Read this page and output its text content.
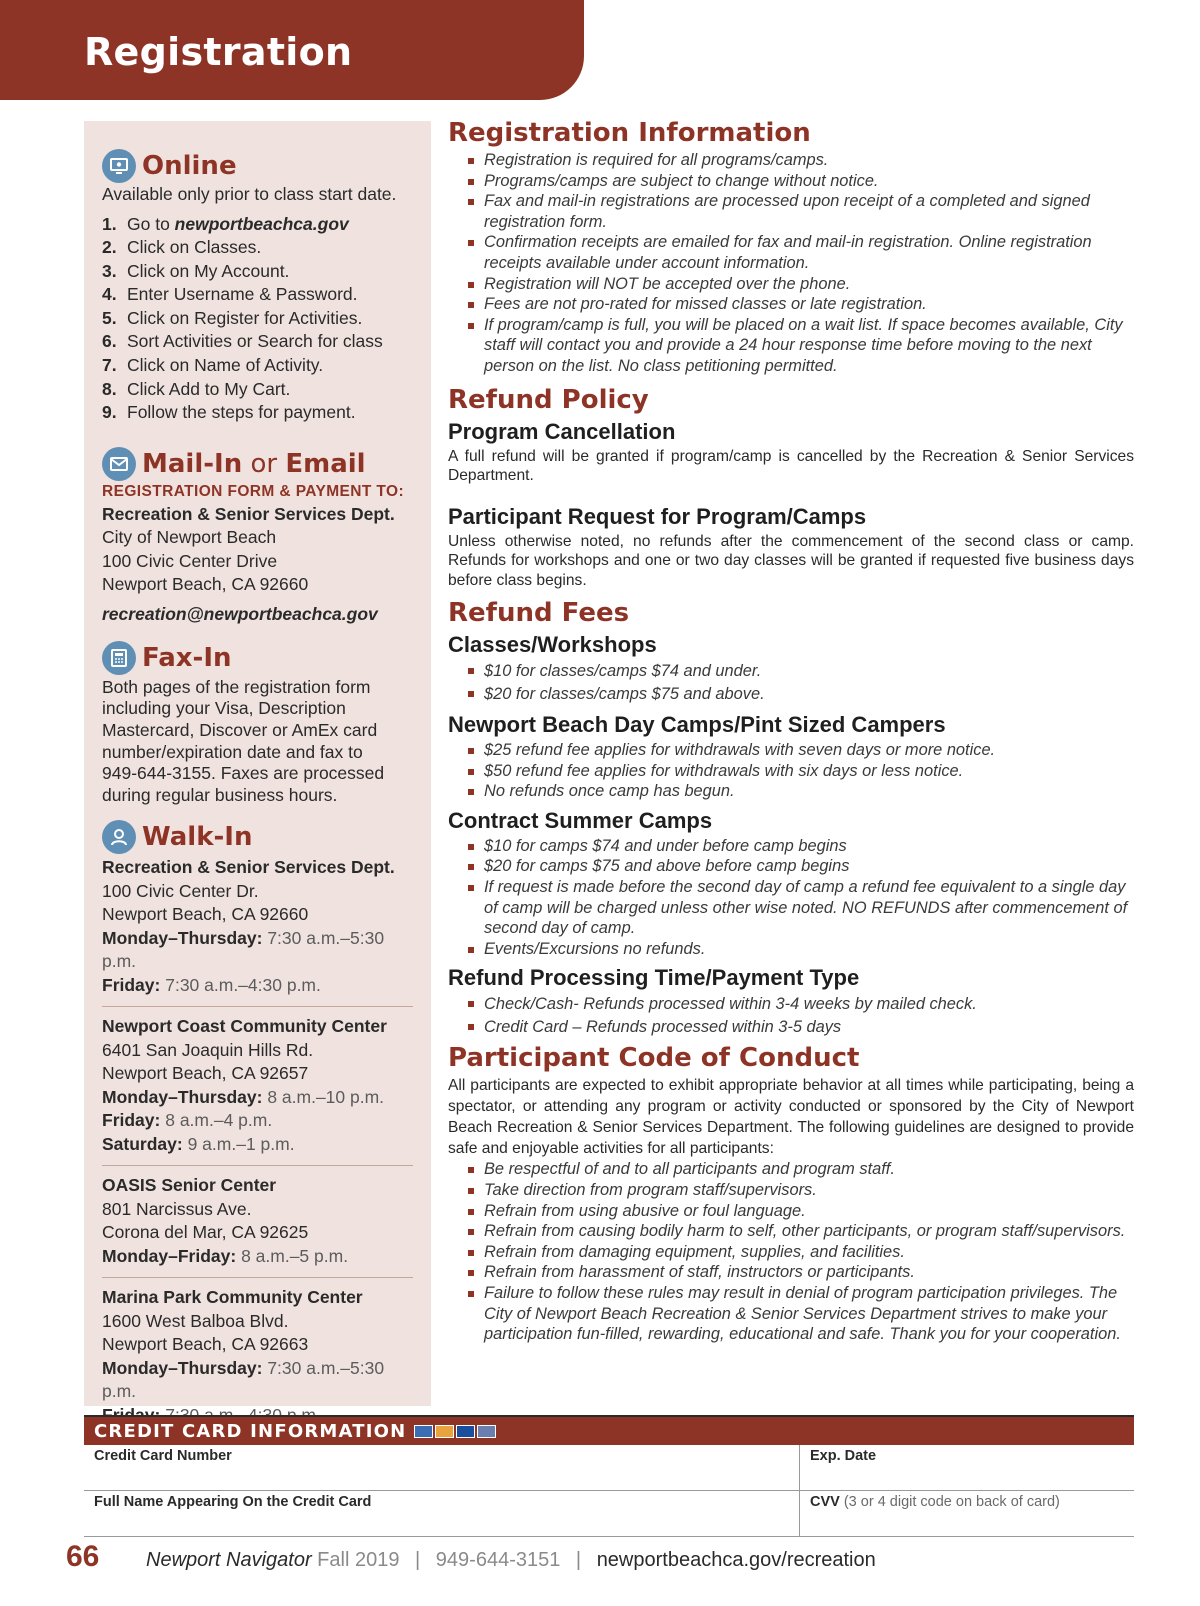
Registration
Online
Available only prior to class start date.
1. Go to newportbeachca.gov
2. Click on Classes.
3. Click on My Account.
4. Enter Username & Password.
5. Click on Register for Activities.
6. Sort Activities or Search for class
7. Click on Name of Activity.
8. Click Add to My Cart.
9. Follow the steps for payment.
Mail-In or Email
REGISTRATION FORM & PAYMENT TO:
Recreation & Senior Services Dept.
City of Newport Beach
100 Civic Center Drive
Newport Beach, CA 92660
recreation@newportbeachca.gov
Fax-In
Both pages of the registration form including your Visa, Description Mastercard, Discover or AmEx card number/expiration date and fax to 949-644-3155. Faxes are processed during regular business hours.
Walk-In
Recreation & Senior Services Dept.
100 Civic Center Dr.
Newport Beach, CA 92660
Monday–Thursday: 7:30 a.m.–5:30 p.m.
Friday: 7:30 a.m.–4:30 p.m.
Newport Coast Community Center
6401 San Joaquin Hills Rd.
Newport Beach, CA 92657
Monday–Thursday: 8 a.m.–10 p.m.
Friday: 8 a.m.–4 p.m.
Saturday: 9 a.m.–1 p.m.
OASIS Senior Center
801 Narcissus Ave.
Corona del Mar, CA 92625
Monday–Friday: 8 a.m.–5 p.m.
Marina Park Community Center
1600 West Balboa Blvd.
Newport Beach, CA 92663
Monday–Thursday: 7:30 a.m.–5:30 p.m.
Registration Information
Registration is required for all programs/camps.
Programs/camps are subject to change without notice.
Fax and mail-in registrations are processed upon receipt of a completed and signed registration form.
Confirmation receipts are emailed for fax and mail-in registration. Online registration receipts available under account information.
Registration will NOT be accepted over the phone.
Fees are not pro-rated for missed classes or late registration.
If program/camp is full, you will be placed on a wait list. If space becomes available, City staff will contact you and provide a 24 hour response time before moving to the next person on the list. No class petitioning permitted.
Refund Policy
Program Cancellation
A full refund will be granted if program/camp is cancelled by the Recreation & Senior Services Department.
Participant Request for Program/Camps
Unless otherwise noted, no refunds after the commencement of the second class or camp. Refunds for workshops and one or two day classes will be granted if requested five business days before class begins.
Refund Fees
Classes/Workshops
$10 for classes/camps $74 and under.
$20 for classes/camps $75 and above.
Newport Beach Day Camps/Pint Sized Campers
$25 refund fee applies for withdrawals with seven days or more notice.
$50 refund fee applies for withdrawals with six days or less notice.
No refunds once camp has begun.
Contract Summer Camps
$10 for camps $74 and under before camp begins
$20 for camps $75 and above before camp begins
If request is made before the second day of camp a refund fee equivalent to a single day of camp will be charged unless other wise noted. NO REFUNDS after commencement of second day of camp.
Events/Excursions no refunds.
Refund Processing Time/Payment Type
Check/Cash- Refunds processed within 3-4 weeks by mailed check.
Credit Card – Refunds processed within 3-5 days
Participant Code of Conduct
All participants are expected to exhibit appropriate behavior at all times while participating, being a spectator, or attending any program or activity conducted or sponsored by the City of Newport Beach Recreation & Senior Services Department. The following guidelines are designed to provide safe and enjoyable activities for all participants:
Be respectful of and to all participants and program staff.
Take direction from program staff/supervisors.
Refrain from using abusive or foul language.
Refrain from causing bodily harm to self, other participants, or program staff/supervisors.
Refrain from damaging equipment, supplies, and facilities.
Refrain from harassment of staff, instructors or participants.
Failure to follow these rules may result in denial of program participation privileges. The City of Newport Beach Recreation & Senior Services Department strives to make your participation fun-filled, rewarding, educational and safe. Thank you for your cooperation.
CREDIT CARD INFORMATION
Credit Card Number	Exp. Date
Full Name Appearing On the Credit Card	CVV (3 or 4 digit code on back of card)
66	Newport Navigator Fall 2019 | 949-644-3151 | newportbeachca.gov/recreation
